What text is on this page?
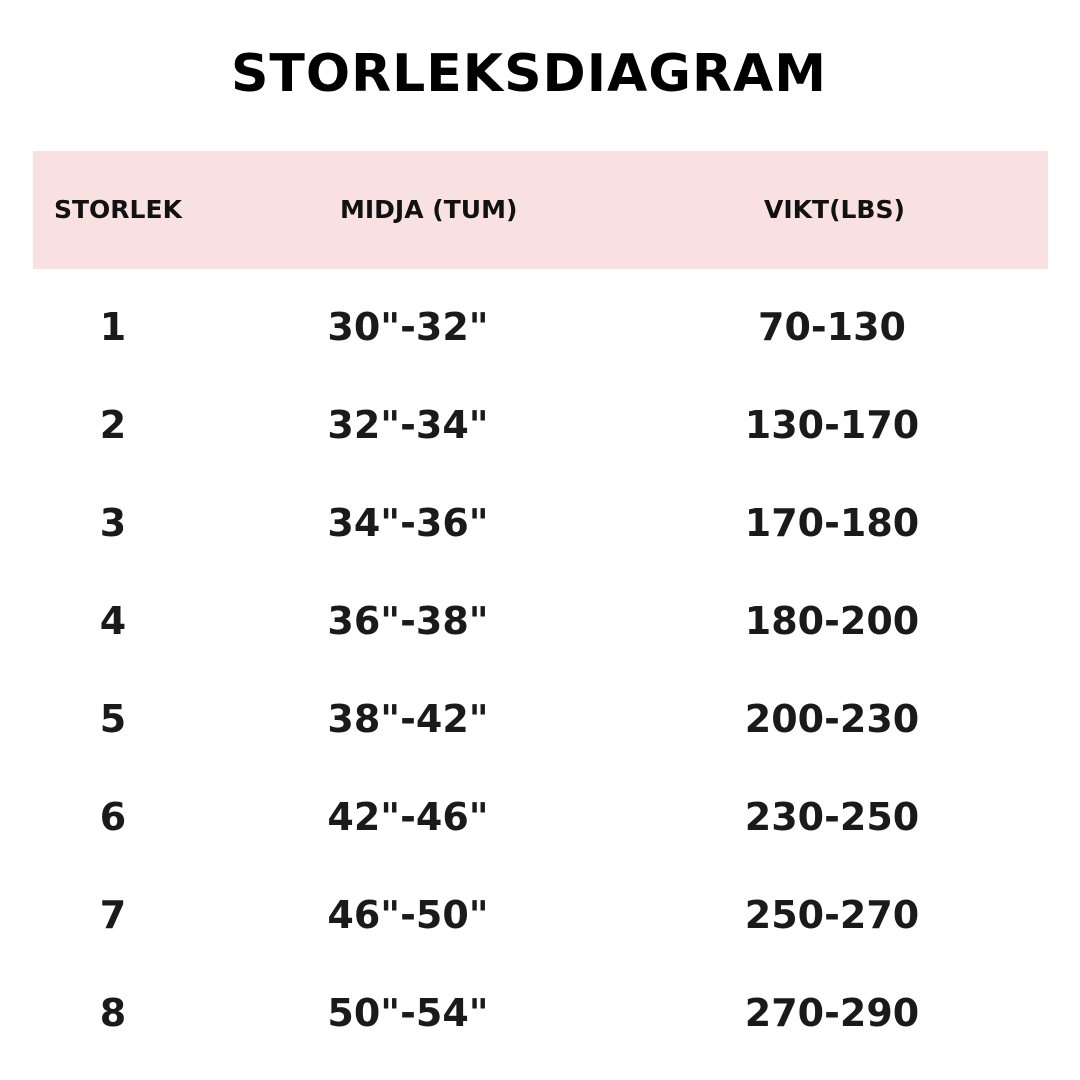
STORLEKSDIAGRAM
STORLEK	MIDJA (TUM)	VIKT(LBS)
1	30"-32"	70-130
2	32"-34"	130-170
3	34"-36"	170-180
4	36"-38"	180-200
5	38"-42"	200-230
6	42"-46"	230-250
7	46"-50"	250-270
8	50"-54"	270-290
